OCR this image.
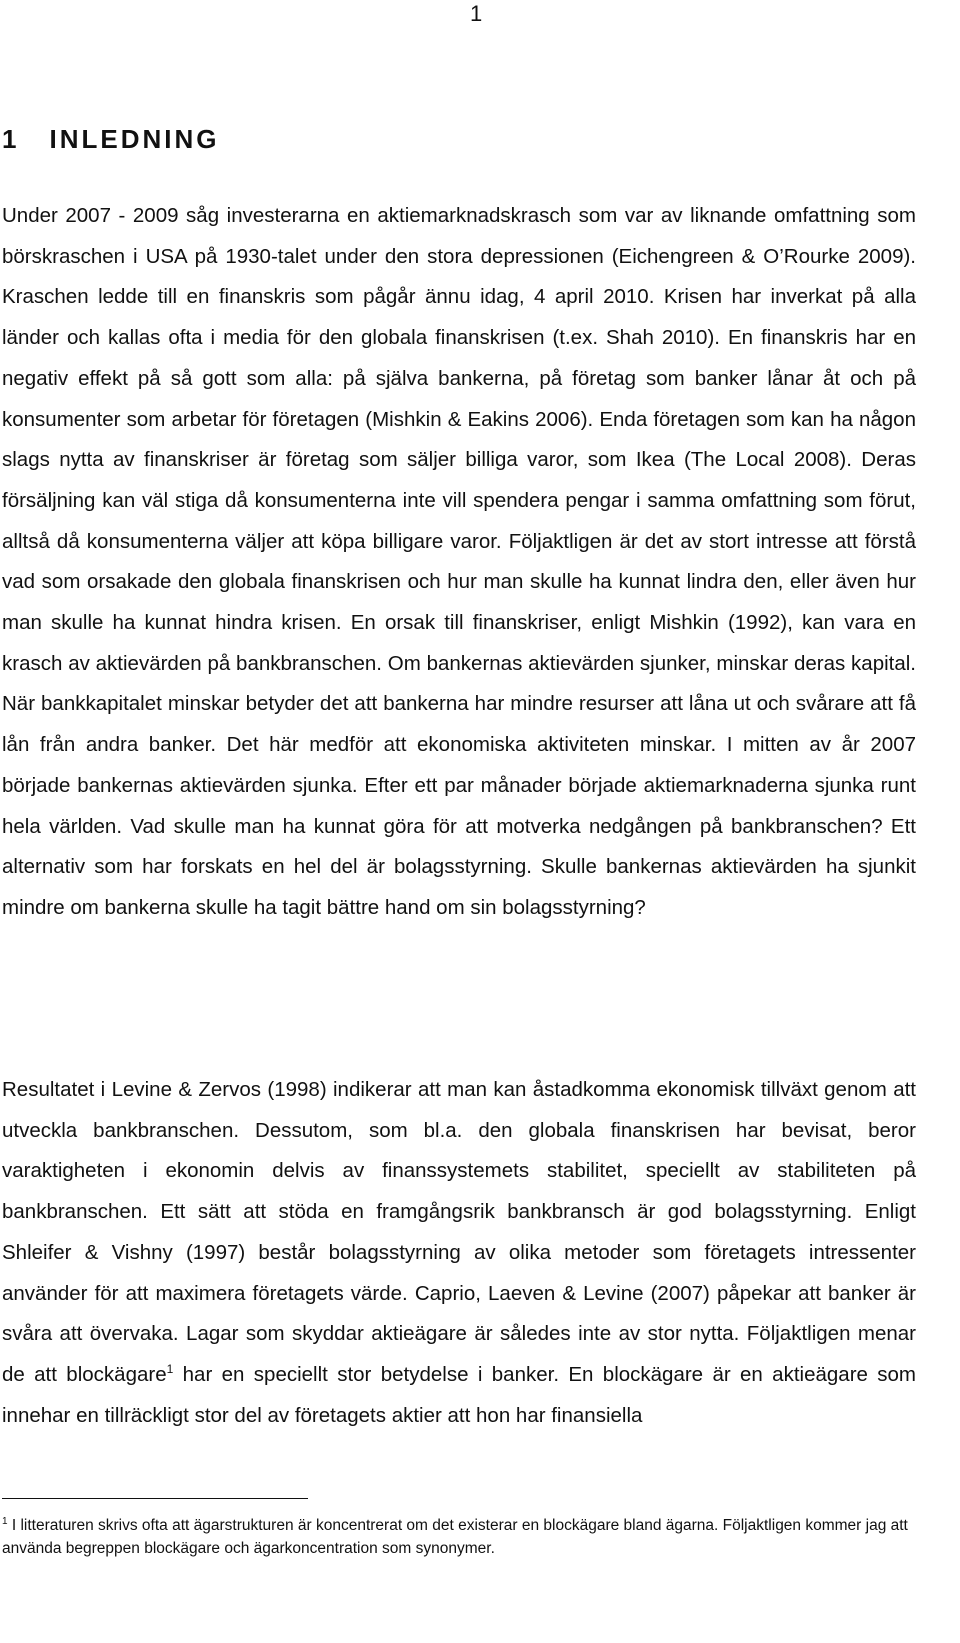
1
1 INLEDNING

Under 2007 - 2009 såg investerarna en aktiemarknadskrasch som var av liknande omfattning som börskraschen i USA på 1930-talet under den stora depressionen (Eichengreen & O’Rourke 2009). Kraschen ledde till en finanskris som pågår ännu idag, 4 april 2010. Krisen har inverkat på alla länder och kallas ofta i media för den globala finanskrisen (t.ex. Shah 2010). En finanskris har en negativ effekt på så gott som alla: på själva bankerna, på företag som banker lånar åt och på konsumenter som arbetar för företagen (Mishkin & Eakins 2006). Enda företagen som kan ha någon slags nytta av finanskriser är företag som säljer billiga varor, som Ikea (The Local 2008). Deras försäljning kan väl stiga då konsumenterna inte vill spendera pengar i samma omfattning som förut, alltså då konsumenterna väljer att köpa billigare varor. Följaktligen är det av stort intresse att förstå vad som orsakade den globala finanskrisen och hur man skulle ha kunnat lindra den, eller även hur man skulle ha kunnat hindra krisen. En orsak till finanskriser, enligt Mishkin (1992), kan vara en krasch av aktievärden på bankbranschen. Om bankernas aktievärden sjunker, minskar deras kapital. När bankkapitalet minskar betyder det att bankerna har mindre resurser att låna ut och svårare att få lån från andra banker. Det här medför att ekonomiska aktiviteten minskar. I mitten av år 2007 började bankernas aktievärden sjunka. Efter ett par månader började aktiemarknaderna sjunka runt hela världen. Vad skulle man ha kunnat göra för att motverka nedgången på bankbranschen? Ett alternativ som har forskats en hel del är bolagsstyrning. Skulle bankernas aktievärden ha sjunkit mindre om bankerna skulle ha tagit bättre hand om sin bolagsstyrning?

Resultatet i Levine & Zervos (1998) indikerar att man kan åstadkomma ekonomisk tillväxt genom att utveckla bankbranschen. Dessutom, som bl.a. den globala finanskrisen har bevisat, beror varaktigheten i ekonomin delvis av finanssystemets stabilitet, speciellt av stabiliteten på bankbranschen. Ett sätt att stöda en framgångsrik bankbransch är god bolagsstyrning. Enligt Shleifer & Vishny (1997) består bolagsstyrning av olika metoder som företagets intressenter använder för att maximera företagets värde. Caprio, Laeven & Levine (2007) påpekar att banker är svåra att övervaka. Lagar som skyddar aktieägare är således inte av stor nytta. Följaktligen menar de att blockägare$^1$ har en speciellt stor betydelse i banker. En blockägare är en aktieägare som innehar en tillräckligt stor del av företagets aktier att hon har finansiella

$^1$ I litteraturen skrivs ofta att ägarstrukturen är koncentrerat om det existerar en blockägare bland ägarna. Följaktligen kommer jag att använda begreppen blockägare och ägarkoncentration som synonymer.
